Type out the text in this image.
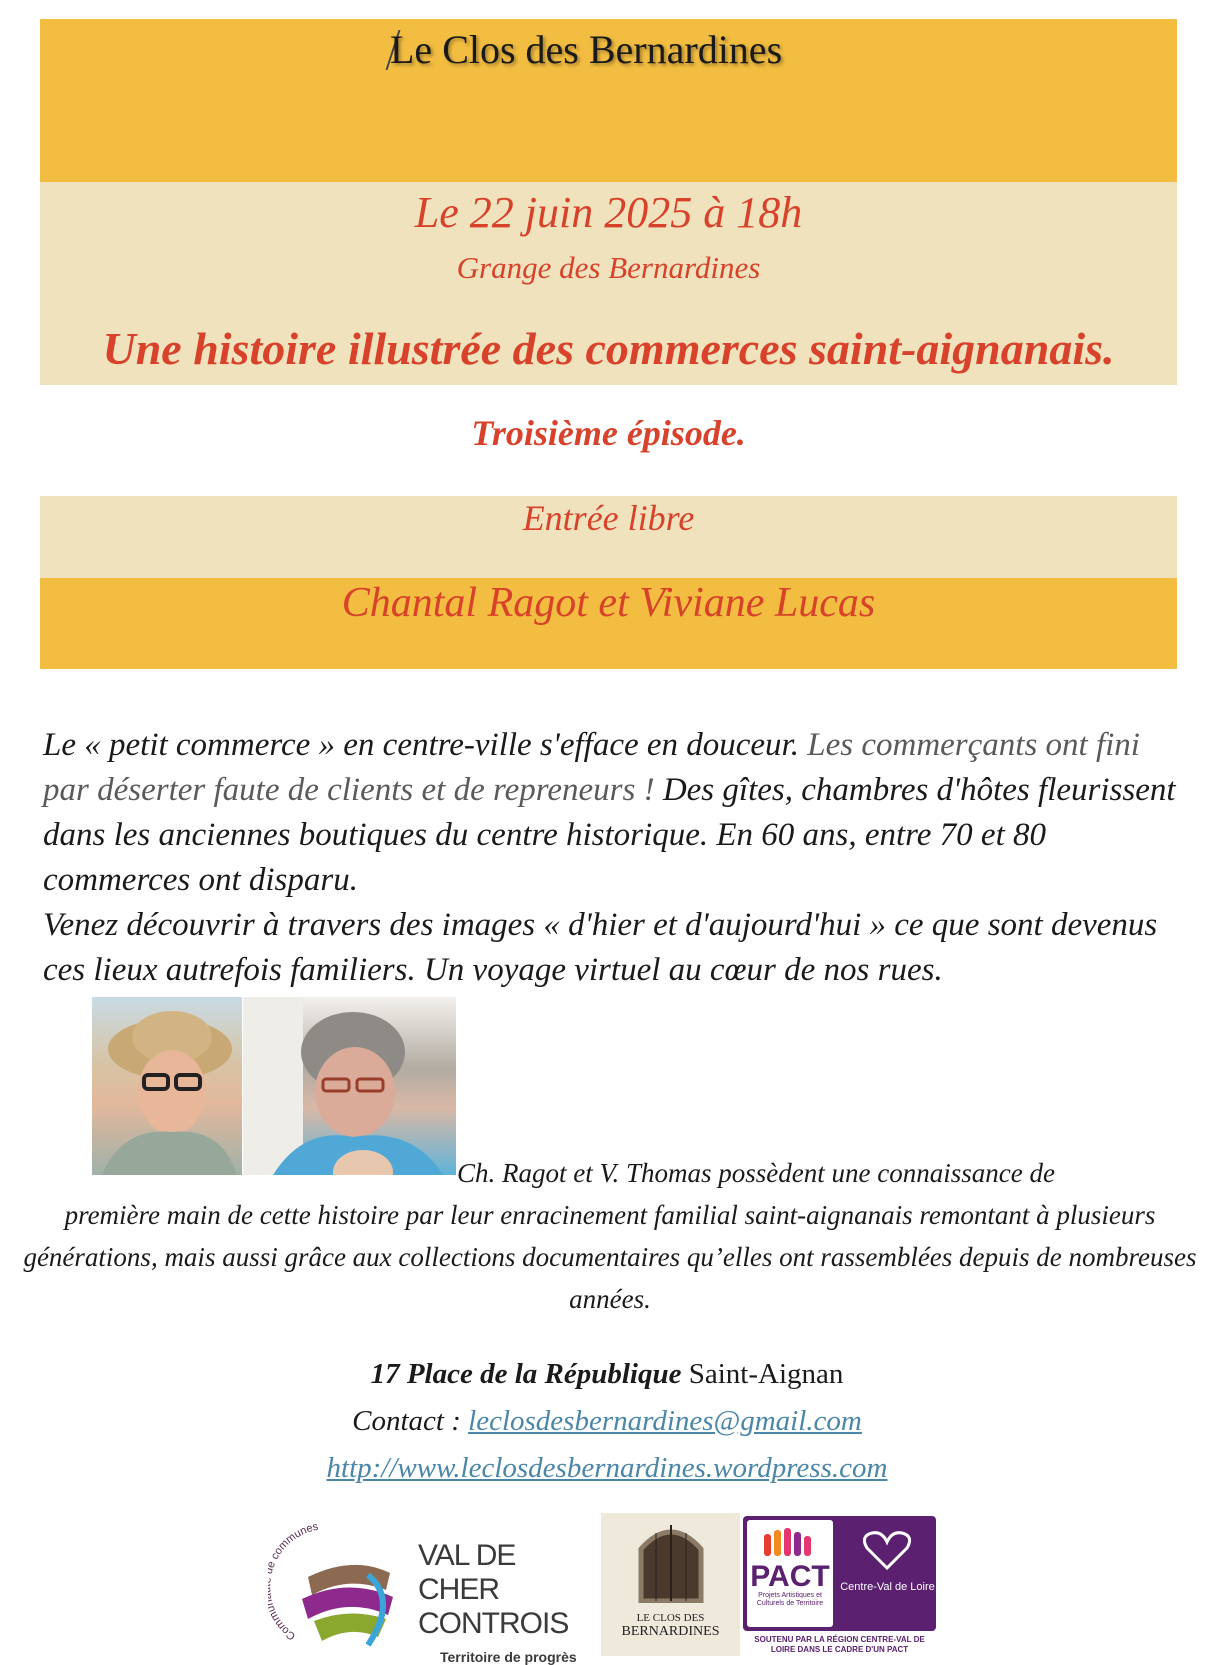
Le Clos des Bernardines
Le 22 juin 2025 à 18h
Grange des Bernardines
Une histoire illustrée des commerces saint-aignanais.
Troisième épisode.
Entrée libre
Chantal Ragot et Viviane Lucas
Le « petit commerce » en centre-ville s'efface en douceur. Les commerçants ont fini par déserter faute de clients et de repreneurs ! Des gîtes, chambres d'hôtes fleurissent dans les anciennes boutiques du centre historique. En 60 ans, entre 70 et 80 commerces ont disparu.
Venez découvrir à travers des images « d'hier et d'aujourd'hui » ce que sont devenus ces lieux autrefois familiers. Un voyage virtuel au cœur de nos rues.
Ch. Ragot et V. Thomas possèdent une connaissance de
première main de cette histoire par leur enracinement familial saint-aignanais remontant à plusieurs générations, mais aussi grâce aux collections documentaires qu’elles ont rassemblées depuis de nombreuses années.
17 Place de la République Saint-Aignan
Contact : leclosdesbernardines@gmail.com
http://www.leclosdesbernardines.wordpress.com
Comm communes
VAL DE CHER
CONTROIS
Territoire de progrès
LE CLOS DES
BERNARDINES
PACT
Projets Artistiques et Culturels de Territoire
Centre-Val de Loire
SOUTENU PAR LA RÉGION CENTRE-VAL DE LOIRE DANS LE CADRE D'UN PACT
